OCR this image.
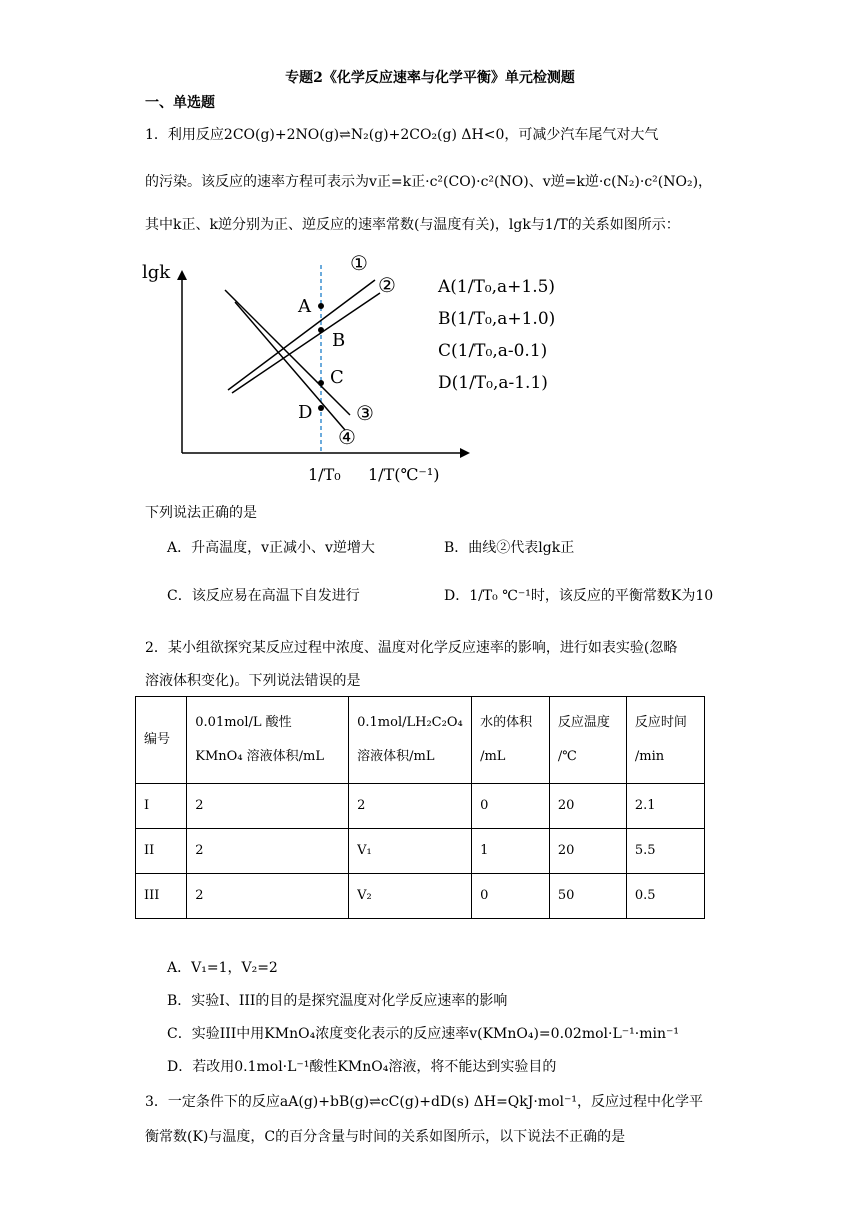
专题2《化学反应速率与化学平衡》单元检测题
一、单选题
1．利用反应2CO(g)+2NO(g)⇌N₂(g)+2CO₂(g) ΔH<0，可减少汽车尾气对大气
的污染。该反应的速率方程可表示为v正=k正·c²(CO)·c²(NO)、v逆=k逆·c(N₂)·c²(NO₂)，
其中k正、k逆分别为正、逆反应的速率常数(与温度有关)，lgk与1/T的关系如图所示：
lgk
A
B
C
D
①
②
③
④
1/T₀ 1/T(℃⁻¹)
A(1/T₀,a+1.5)
B(1/T₀,a+1.0)
C(1/T₀,a-0.1)
D(1/T₀,a-1.1)
下列说法正确的是
A．升高温度，v正减小、v逆增大	B．曲线②代表lgk正
C．该反应易在高温下自发进行	D．1/T₀ ℃⁻¹时，该反应的平衡常数K为10
2．某小组欲探究某反应过程中浓度、温度对化学反应速率的影响，进行如表实验(忽略
溶液体积变化)。下列说法错误的是
编号	0.01mol/L 酸性 KMnO₄ 溶液体积/mL	0.1mol/LH₂C₂O₄ 溶液体积/mL	水的体积 /mL	反应温度 /℃	反应时间 /min
I	2	2	0	20	2.1
II	2	V₁	1	20	5.5
III	2	V₂	0	50	0.5
A．V₁=1，V₂=2
B．实验I、III的目的是探究温度对化学反应速率的影响
C．实验III中用KMnO₄浓度变化表示的反应速率v(KMnO₄)=0.02mol·L⁻¹·min⁻¹
D．若改用0.1mol·L⁻¹酸性KMnO₄溶液，将不能达到实验目的
3．一定条件下的反应aA(g)+bB(g)⇌cC(g)+dD(s) ΔH=QkJ·mol⁻¹，反应过程中化学平
衡常数(K)与温度，C的百分含量与时间的关系如图所示，以下说法不正确的是
